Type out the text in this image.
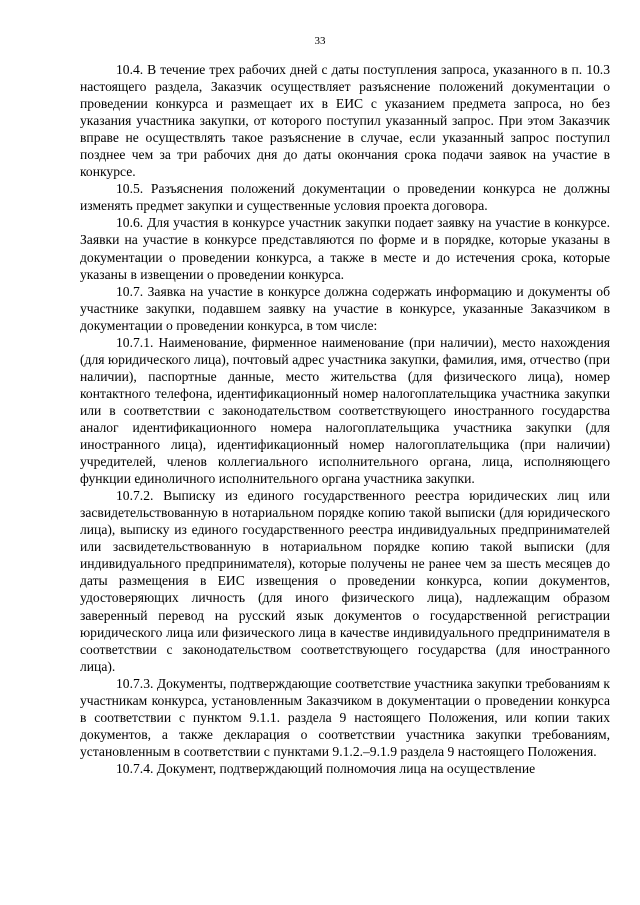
33

10.4. В течение трех рабочих дней с даты поступления запроса, указанного в п. 10.3 настоящего раздела, Заказчик осуществляет разъяснение положений документации о проведении конкурса и размещает их в ЕИС с указанием предмета запроса, но без указания участника закупки, от которого поступил указанный запрос. При этом Заказчик вправе не осуществлять такое разъяснение в случае, если указанный запрос поступил позднее чем за три рабочих дня до даты окончания срока подачи заявок на участие в конкурсе.

10.5. Разъяснения положений документации о проведении конкурса не должны изменять предмет закупки и существенные условия проекта договора.

10.6. Для участия в конкурсе участник закупки подает заявку на участие в конкурсе. Заявки на участие в конкурсе представляются по форме и в порядке, которые указаны в документации о проведении конкурса, а также в месте и до истечения срока, которые указаны в извещении о проведении конкурса.

10.7. Заявка на участие в конкурсе должна содержать информацию и документы об участнике закупки, подавшем заявку на участие в конкурсе, указанные Заказчиком в документации о проведении конкурса, в том числе:

10.7.1. Наименование, фирменное наименование (при наличии), место нахождения (для юридического лица), почтовый адрес участника закупки, фамилия, имя, отчество (при наличии), паспортные данные, место жительства (для физического лица), номер контактного телефона, идентификационный номер налогоплательщика участника закупки или в соответствии с законодательством соответствующего иностранного государства аналог идентификационного номера налогоплательщика участника закупки (для иностранного лица), идентификационный номер налогоплательщика (при наличии) учредителей, членов коллегиального исполнительного органа, лица, исполняющего функции единоличного исполнительного органа участника закупки.

10.7.2. Выписку из единого государственного реестра юридических лиц или засвидетельствованную в нотариальном порядке копию такой выписки (для юридического лица), выписку из единого государственного реестра индивидуальных предпринимателей или засвидетельствованную в нотариальном порядке копию такой выписки (для индивидуального предпринимателя), которые получены не ранее чем за шесть месяцев до даты размещения в ЕИС извещения о проведении конкурса, копии документов, удостоверяющих личность (для иного физического лица), надлежащим образом заверенный перевод на русский язык документов о государственной регистрации юридического лица или физического лица в качестве индивидуального предпринимателя в соответствии с законодательством соответствующего государства (для иностранного лица).

10.7.3. Документы, подтверждающие соответствие участника закупки требованиям к участникам конкурса, установленным Заказчиком в документации о проведении конкурса в соответствии с пунктом 9.1.1. раздела 9 настоящего Положения, или копии таких документов, а также декларация о соответствии участника закупки требованиям, установленным в соответствии с пунктами 9.1.2.–9.1.9 раздела 9 настоящего Положения.

10.7.4. Документ, подтверждающий полномочия лица на осуществление
